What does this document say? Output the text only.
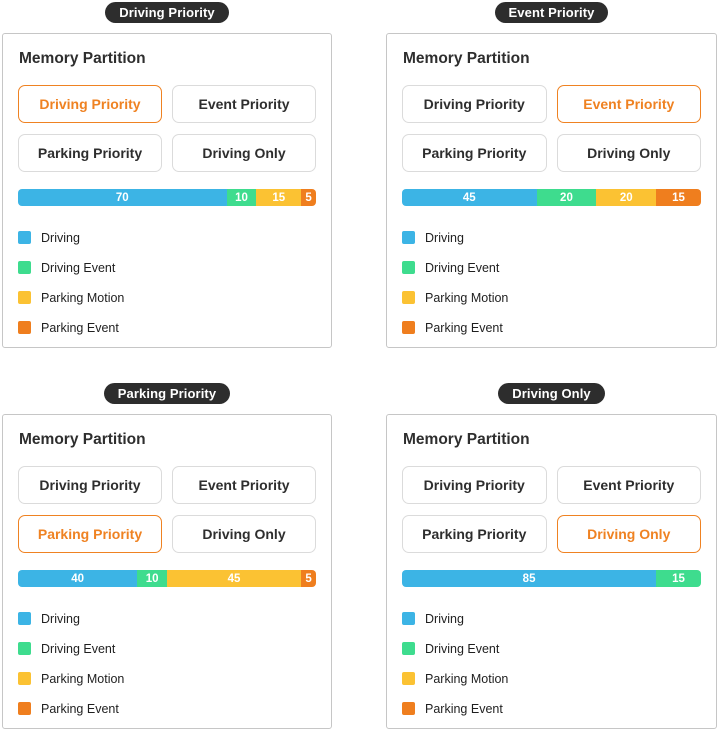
Driving Priority
Memory Partition
Driving Priority	Event Priority
Parking Priority	Driving Only
70	10	15	5
Driving
Driving Event
Parking Motion
Parking Event
Event Priority
Memory Partition
Driving Priority	Event Priority
Parking Priority	Driving Only
45	20	20	15
Driving
Driving Event
Parking Motion
Parking Event
Parking Priority
Memory Partition
Driving Priority	Event Priority
Parking Priority	Driving Only
40	10	45	5
Driving
Driving Event
Parking Motion
Parking Event
Driving Only
Memory Partition
Driving Priority	Event Priority
Parking Priority	Driving Only
85	15
Driving
Driving Event
Parking Motion
Parking Event
